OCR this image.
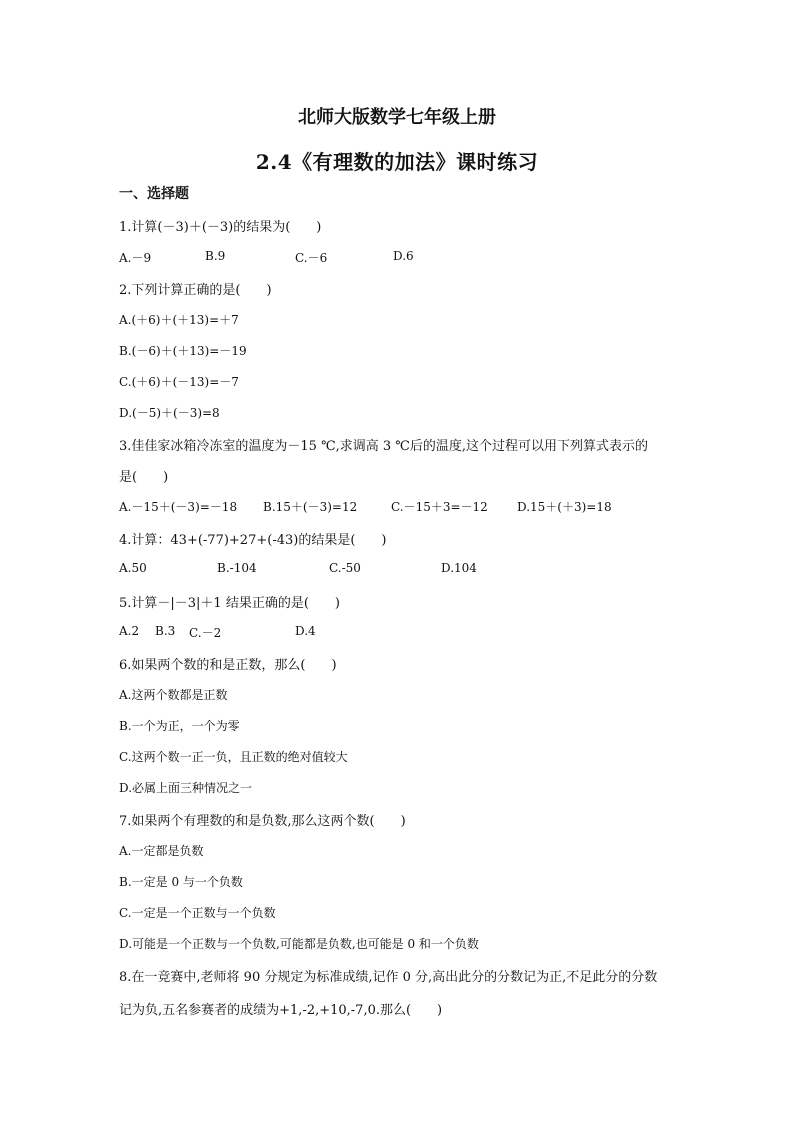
北师大版数学七年级上册
2.4《有理数的加法》课时练习
一、选择题
1.计算(－3)＋(－3)的结果为(　　)
A.－9	B.9	C.－6	D.6
2.下列计算正确的是(　　)
A.(＋6)＋(＋13)=＋7
B.(－6)＋(＋13)=－19
C.(＋6)＋(－13)=－7
D.(－5)＋(－3)=8
3.佳佳家冰箱冷冻室的温度为－15 ℃,求调高 3 ℃后的温度,这个过程可以用下列算式表示的
是(　　)
A.－15＋(－3)=－18 B.15＋(－3)=12	C.－15＋3=－12 D.15＋(＋3)=18
4.计算：43+(-77)+27+(-43)的结果是(　　)
A.50	B.-104	C.-50	D.104
5.计算－|－3|＋1 结果正确的是(　　)
A.2 B.3 C.－2	D.4
6.如果两个数的和是正数，那么(　　)
A.这两个数都是正数
B.一个为正，一个为零
C.这两个数一正一负，且正数的绝对值较大
D.必属上面三种情况之一
7.如果两个有理数的和是负数,那么这两个数(　　)
A.一定都是负数
B.一定是 0 与一个负数
C.一定是一个正数与一个负数
D.可能是一个正数与一个负数,可能都是负数,也可能是 0 和一个负数
8.在一竞赛中,老师将 90 分规定为标准成绩,记作 0 分,高出此分的分数记为正,不足此分的分数
记为负,五名参赛者的成绩为+1,-2,+10,-7,0.那么(　　)
